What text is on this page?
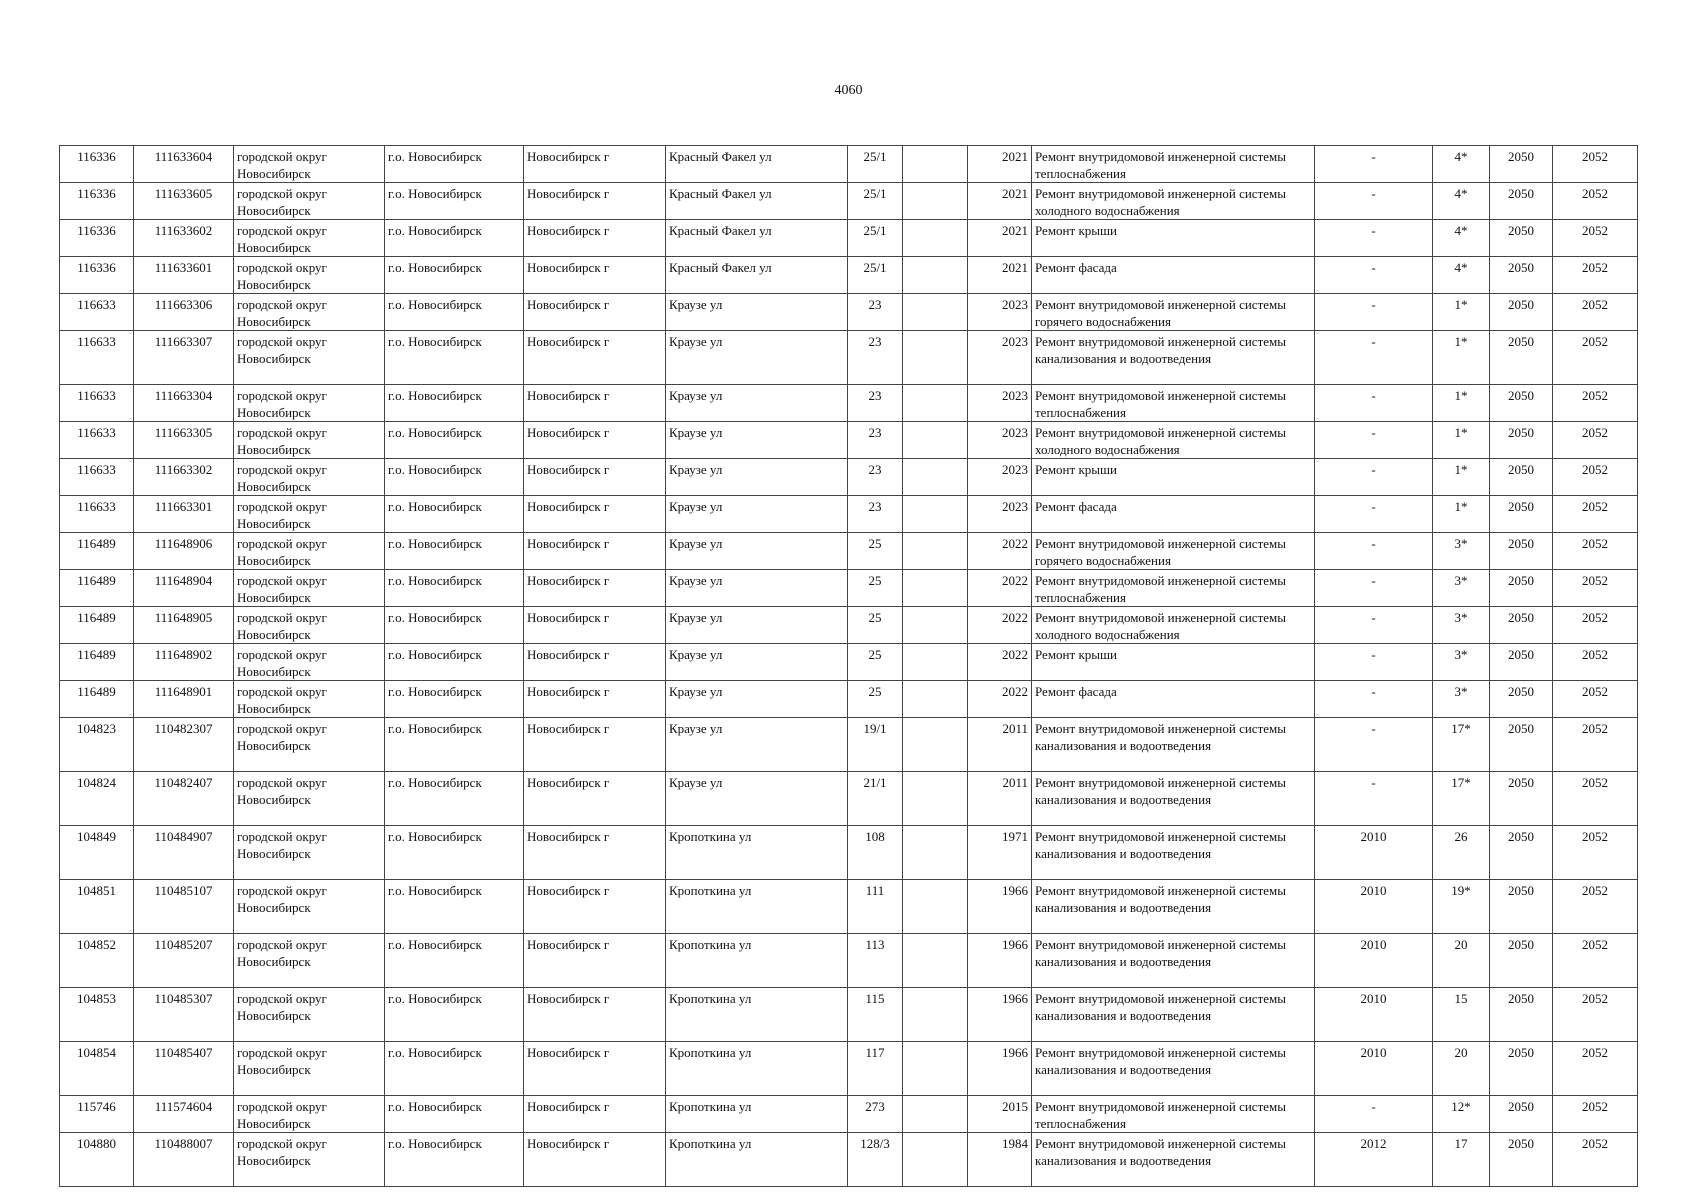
4060
116336	111633604	городской округ Новосибирск	г.о. Новосибирск	Новосибирск г	Красный Факел ул	25/1		2021	Ремонт внутридомовой инженерной системы теплоснабжения	-	4*	2050	2052
116336	111633605	городской округ Новосибирск	г.о. Новосибирск	Новосибирск г	Красный Факел ул	25/1		2021	Ремонт внутридомовой инженерной системы холодного водоснабжения	-	4*	2050	2052
116336	111633602	городской округ Новосибирск	г.о. Новосибирск	Новосибирск г	Красный Факел ул	25/1		2021	Ремонт крыши	-	4*	2050	2052
116336	111633601	городской округ Новосибирск	г.о. Новосибирск	Новосибирск г	Красный Факел ул	25/1		2021	Ремонт фасада	-	4*	2050	2052
116633	111663306	городской округ Новосибирск	г.о. Новосибирск	Новосибирск г	Краузе ул	23		2023	Ремонт внутридомовой инженерной системы горячего водоснабжения	-	1*	2050	2052
116633	111663307	городской округ Новосибирск	г.о. Новосибирск	Новосибирск г	Краузе ул	23		2023	Ремонт внутридомовой инженерной системы канализования и водоотведения	-	1*	2050	2052
116633	111663304	городской округ Новосибирск	г.о. Новосибирск	Новосибирск г	Краузе ул	23		2023	Ремонт внутридомовой инженерной системы теплоснабжения	-	1*	2050	2052
116633	111663305	городской округ Новосибирск	г.о. Новосибирск	Новосибирск г	Краузе ул	23		2023	Ремонт внутридомовой инженерной системы холодного водоснабжения	-	1*	2050	2052
116633	111663302	городской округ Новосибирск	г.о. Новосибирск	Новосибирск г	Краузе ул	23		2023	Ремонт крыши	-	1*	2050	2052
116633	111663301	городской округ Новосибирск	г.о. Новосибирск	Новосибирск г	Краузе ул	23		2023	Ремонт фасада	-	1*	2050	2052
116489	111648906	городской округ Новосибирск	г.о. Новосибирск	Новосибирск г	Краузе ул	25		2022	Ремонт внутридомовой инженерной системы горячего водоснабжения	-	3*	2050	2052
116489	111648904	городской округ Новосибирск	г.о. Новосибирск	Новосибирск г	Краузе ул	25		2022	Ремонт внутридомовой инженерной системы теплоснабжения	-	3*	2050	2052
116489	111648905	городской округ Новосибирск	г.о. Новосибирск	Новосибирск г	Краузе ул	25		2022	Ремонт внутридомовой инженерной системы холодного водоснабжения	-	3*	2050	2052
116489	111648902	городской округ Новосибирск	г.о. Новосибирск	Новосибирск г	Краузе ул	25		2022	Ремонт крыши	-	3*	2050	2052
116489	111648901	городской округ Новосибирск	г.о. Новосибирск	Новосибирск г	Краузе ул	25		2022	Ремонт фасада	-	3*	2050	2052
104823	110482307	городской округ Новосибирск	г.о. Новосибирск	Новосибирск г	Краузе ул	19/1		2011	Ремонт внутридомовой инженерной системы канализования и водоотведения	-	17*	2050	2052
104824	110482407	городской округ Новосибирск	г.о. Новосибирск	Новосибирск г	Краузе ул	21/1		2011	Ремонт внутридомовой инженерной системы канализования и водоотведения	-	17*	2050	2052
104849	110484907	городской округ Новосибирск	г.о. Новосибирск	Новосибирск г	Кропоткина ул	108		1971	Ремонт внутридомовой инженерной системы канализования и водоотведения	2010	26	2050	2052
104851	110485107	городской округ Новосибирск	г.о. Новосибирск	Новосибирск г	Кропоткина ул	111		1966	Ремонт внутридомовой инженерной системы канализования и водоотведения	2010	19*	2050	2052
104852	110485207	городской округ Новосибирск	г.о. Новосибирск	Новосибирск г	Кропоткина ул	113		1966	Ремонт внутридомовой инженерной системы канализования и водоотведения	2010	20	2050	2052
104853	110485307	городской округ Новосибирск	г.о. Новосибирск	Новосибирск г	Кропоткина ул	115		1966	Ремонт внутридомовой инженерной системы канализования и водоотведения	2010	15	2050	2052
104854	110485407	городской округ Новосибирск	г.о. Новосибирск	Новосибирск г	Кропоткина ул	117		1966	Ремонт внутридомовой инженерной системы канализования и водоотведения	2010	20	2050	2052
115746	111574604	городской округ Новосибирск	г.о. Новосибирск	Новосибирск г	Кропоткина ул	273		2015	Ремонт внутридомовой инженерной системы теплоснабжения	-	12*	2050	2052
104880	110488007	городской округ Новосибирск	г.о. Новосибирск	Новосибирск г	Кропоткина ул	128/3		1984	Ремонт внутридомовой инженерной системы канализования и водоотведения	2012	17	2050	2052
